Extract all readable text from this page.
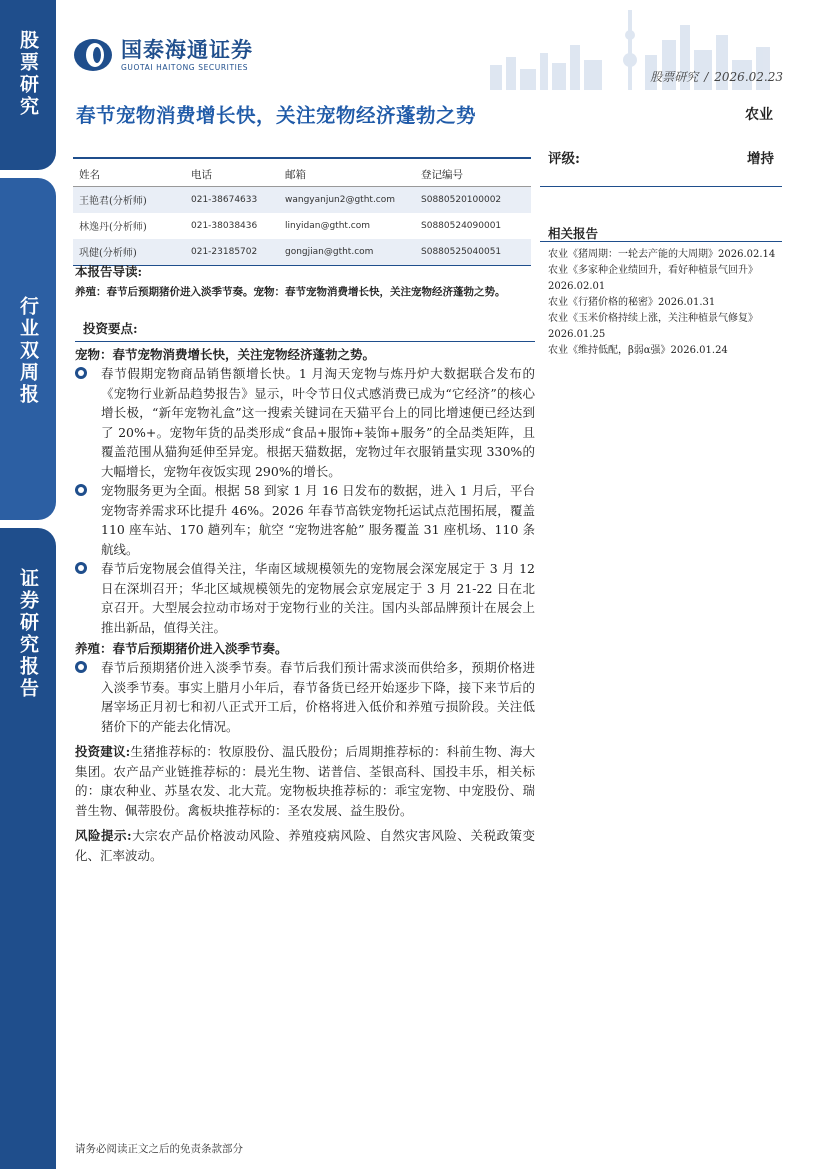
股票研究
行业双周报
证券研究报告
国泰海通证券
GUOTAI HAITONG SECURITIES
股票研究 / 2026.02.23
春节宠物消费增长快，关注宠物经济蓬勃之势	农业
评级:	增持
姓名	电话	邮箱	登记编号
王艳君(分析师)	021-38674633	wangyanjun2@gtht.com	S0880520100002
林逸丹(分析师)	021-38038436	linyidan@gtht.com	S0880524090001
巩健(分析师)	021-23185702	gongjian@gtht.com	S0880525040051
相关报告
农业《猪周期：一轮去产能的大周期》2026.02.14
农业《多家种企业绩回升，看好种植景气回升》2026.02.01
农业《行猪价格的秘密》2026.01.31
农业《玉米价格持续上涨，关注种植景气修复》2026.01.25
农业《维持低配，β弱α强》2026.01.24
本报告导读:
养殖：春节后预期猪价进入淡季节奏。宠物：春节宠物消费增长快，关注宠物经济蓬勃之势。
投资要点:
宠物：春节宠物消费增长快，关注宠物经济蓬勃之势。
春节假期宠物商品销售额增长快。1 月淘天宠物与炼丹炉大数据联合发布的《宠物行业新品趋势报告》显示，叶令节日仪式感消费已成为“它经济”的核心增长极，“新年宠物礼盒”这一搜索关键词在天猫平台上的同比增速便已经达到了 20%+。宠物年货的品类形成“食品+服饰+装饰+服务”的全品类矩阵，且覆盖范围从猫狗延伸至异宠。根据天猫数据，宠物过年衣服销量实现 330%的大幅增长，宠物年夜饭实现 290%的增长。
宠物服务更为全面。根据 58 到家 1 月 16 日发布的数据，进入 1 月后，平台宠物寄养需求环比提升 46%。2026 年春节高铁宠物托运试点范围拓展，覆盖 110 座车站、170 趟列车；航空 “宠物进客舱” 服务覆盖 31 座机场、110 条航线。
春节后宠物展会值得关注，华南区域规模领先的宠物展会深宠展定于 3 月 12 日在深圳召开；华北区域规模领先的宠物展会京宠展定于 3 月 21-22 日在北京召开。大型展会拉动市场对于宠物行业的关注。国内头部品牌预计在展会上推出新品，值得关注。
养殖：春节后预期猪价进入淡季节奏。
春节后预期猪价进入淡季节奏。春节后我们预计需求淡而供给多，预期价格进入淡季节奏。事实上腊月小年后，春节备货已经开始逐步下降，接下来节后的屠宰场正月初七和初八正式开工后，价格将进入低价和养殖亏损阶段。关注低猪价下的产能去化情况。
投资建议:生猪推荐标的：牧原股份、温氏股份；后周期推荐标的：科前生物、海大集团。农产品产业链推荐标的：晨光生物、诺普信、荃银高科、国投丰乐，相关标的：康农种业、苏垦农发、北大荒。宠物板块推荐标的：乖宝宠物、中宠股份、瑞普生物、佩蒂股份。禽板块推荐标的：圣农发展、益生股份。
风险提示:大宗农产品价格波动风险、养殖疫病风险、自然灾害风险、关税政策变化、汇率波动。
请务必阅读正文之后的免责条款部分
